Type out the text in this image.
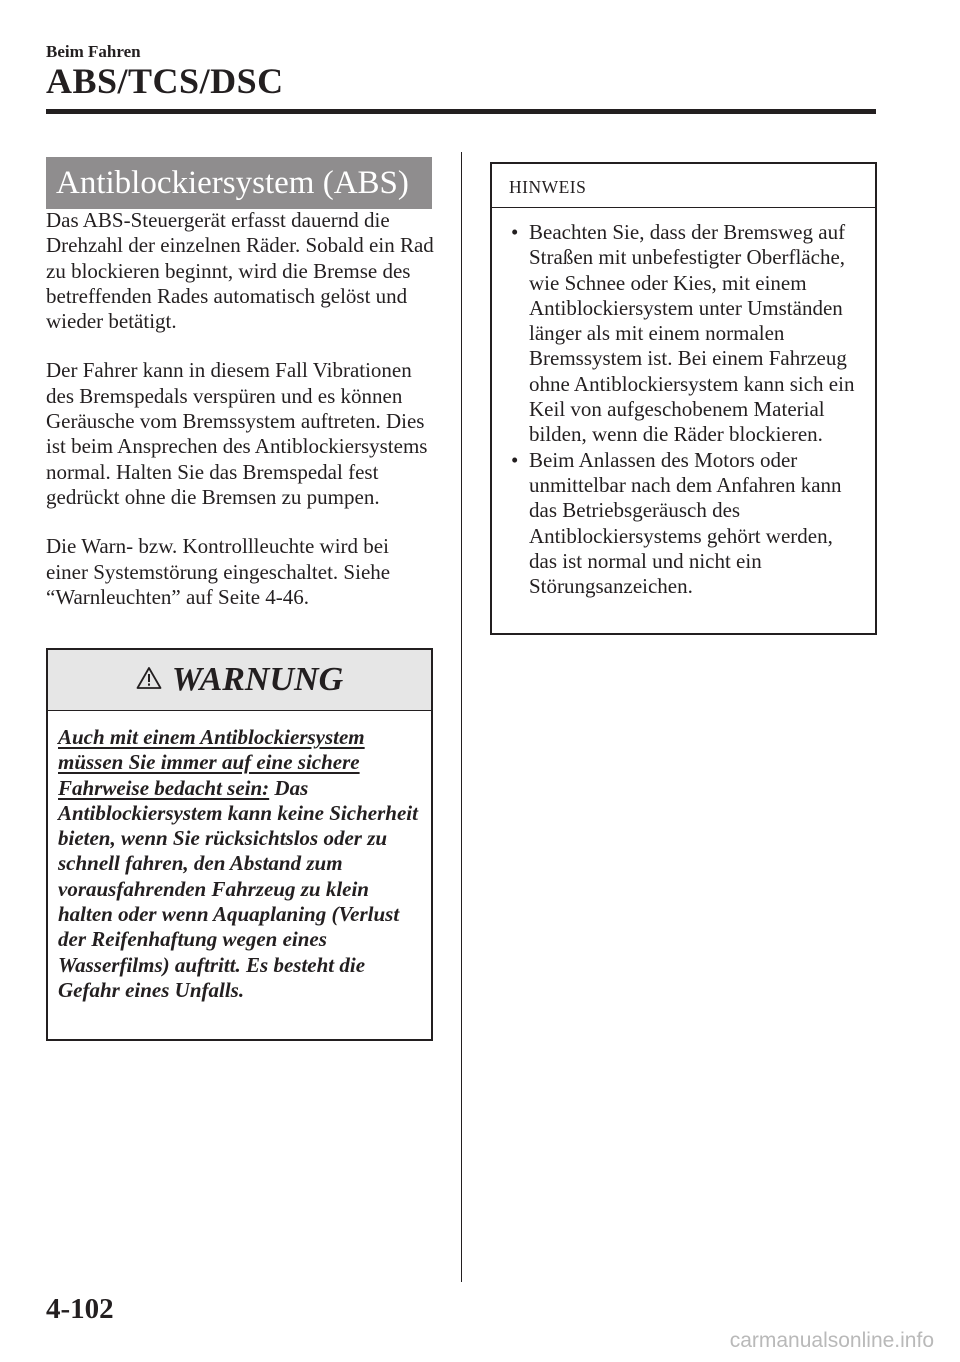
Beim Fahren
ABS/TCS/DSC
Antiblockiersystem (ABS)

Das ABS-Steuergerät erfasst dauernd die Drehzahl der einzelnen Räder. Sobald ein Rad zu blockieren beginnt, wird die Bremse des betreffenden Rades automatisch gelöst und wieder betätigt.

Der Fahrer kann in diesem Fall Vibrationen des Bremspedals verspüren und es können Geräusche vom Bremssystem auftreten. Dies ist beim Ansprechen des Antiblockiersystems normal. Halten Sie das Bremspedal fest gedrückt ohne die Bremsen zu pumpen.

Die Warn- bzw. Kontrollleuchte wird bei einer Systemstörung eingeschaltet. Siehe “Warnleuchten” auf Seite 4-46.

WARNUNG
Auch mit einem Antiblockiersystem müssen Sie immer auf eine sichere Fahrweise bedacht sein: Das Antiblockiersystem kann keine Sicherheit bieten, wenn Sie rücksichtslos oder zu schnell fahren, den Abstand zum vorausfahrenden Fahrzeug zu klein halten oder wenn Aquaplaning (Verlust der Reifenhaftung wegen eines Wasserfilms) auftritt. Es besteht die Gefahr eines Unfalls.
HINWEIS
• Beachten Sie, dass der Bremsweg auf Straßen mit unbefestigter Oberfläche, wie Schnee oder Kies, mit einem Antiblockiersystem unter Umständen länger als mit einem normalen Bremssystem ist. Bei einem Fahrzeug ohne Antiblockiersystem kann sich ein Keil von aufgeschobenem Material bilden, wenn die Räder blockieren.
• Beim Anlassen des Motors oder unmittelbar nach dem Anfahren kann das Betriebsgeräusch des Antiblockiersystems gehört werden, das ist normal und nicht ein Störungsanzeichen.
4-102
carmanualsonline.info
